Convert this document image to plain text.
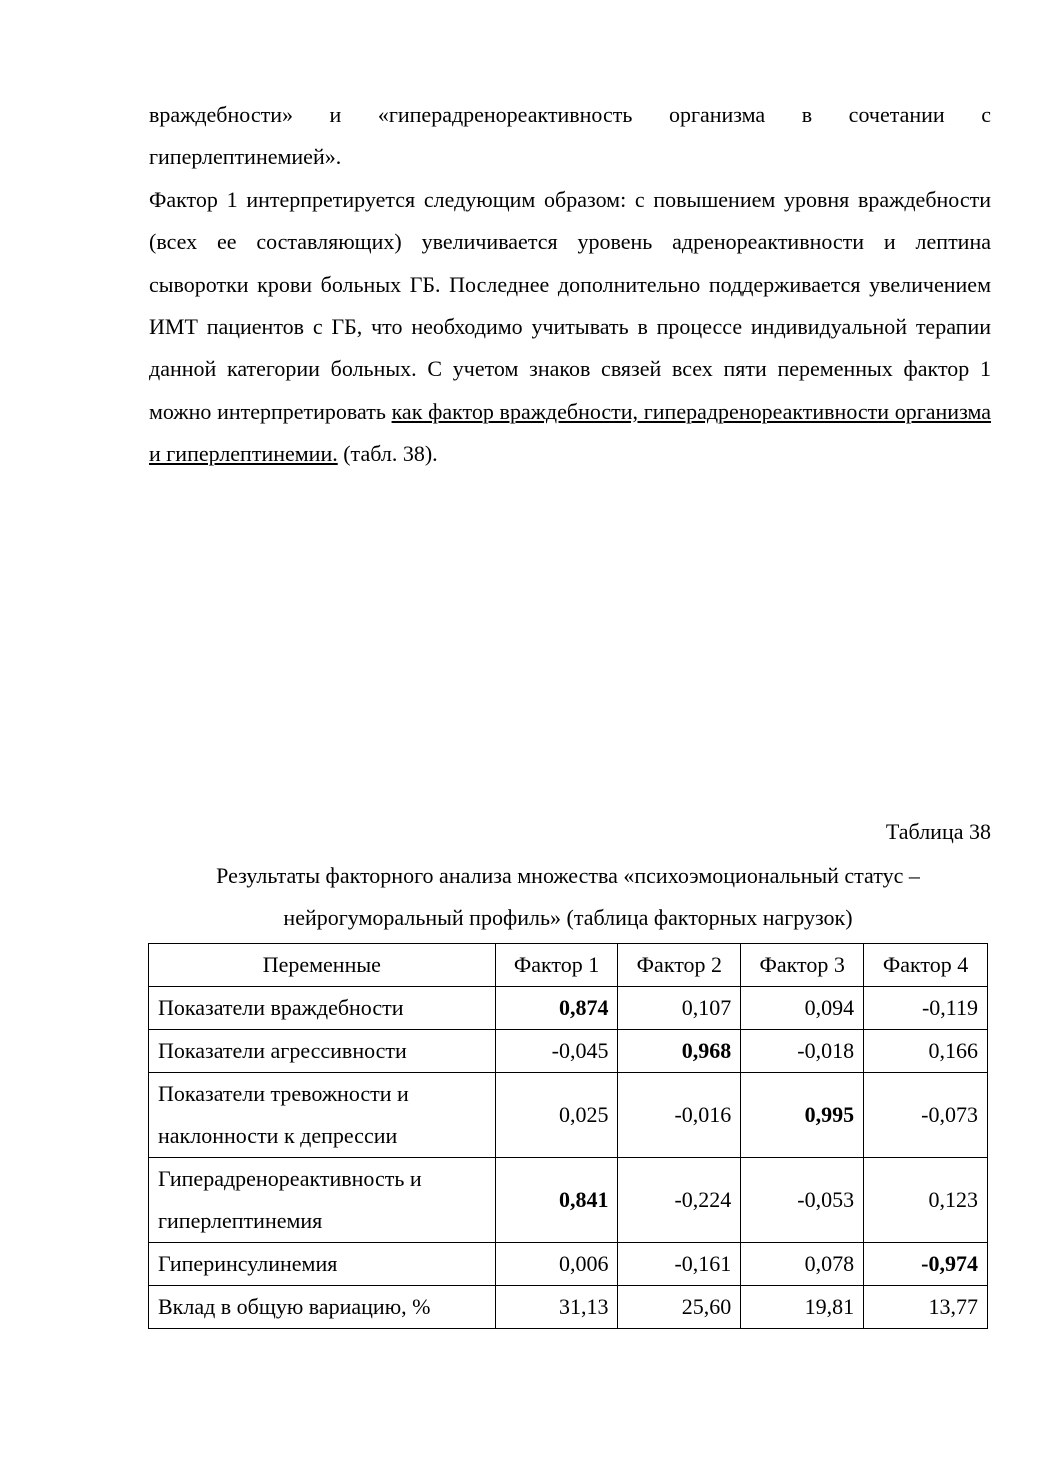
враждебности» и «гиперадренореактивность организма в сочетании с гиперлептинемией».

Фактор 1 интерпретируется следующим образом: с повышением уровня враждебности (всех ее составляющих) увеличивается уровень адренореактивности и лептина сыворотки крови больных ГБ. Последнее дополнительно поддерживается увеличением ИМТ пациентов с ГБ, что необходимо учитывать в процессе индивидуальной терапии данной категории больных. С учетом знаков связей всех пяти переменных фактор 1 можно интерпретировать как фактор враждебности, гиперадренореактивности организма и гиперлептинемии. (табл. 38).

Таблица 38
Результаты факторного анализа множества «психоэмоциональный статус – нейрогуморальный профиль» (таблица факторных нагрузок)
Переменные	Фактор 1	Фактор 2	Фактор 3	Фактор 4
Показатели враждебности	0,874	0,107	0,094	-0,119
Показатели агрессивности	-0,045	0,968	-0,018	0,166
Показатели тревожности и наклонности к депрессии	0,025	-0,016	0,995	-0,073
Гиперадренореактивность и гиперлептинемия	0,841	-0,224	-0,053	0,123
Гиперинсулинемия	0,006	-0,161	0,078	-0,974
Вклад в общую вариацию, %	31,13	25,60	19,81	13,77
